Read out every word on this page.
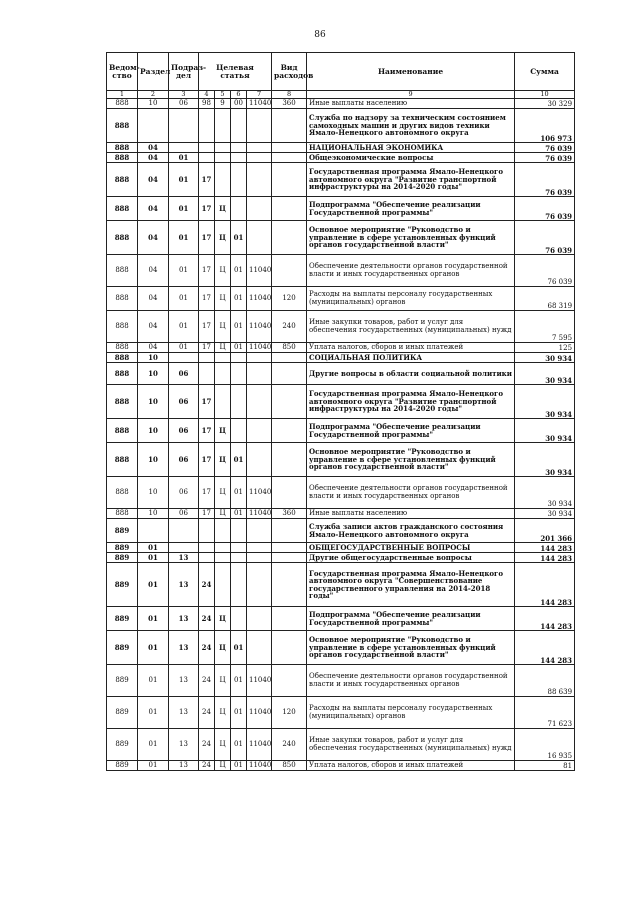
86
Ведом-ство	Раздел	Подраз-дел	Целевая статья				Вид расходов	Наименование	Сумма
1	2	3	4	5	6	7	8	9	10
888	10	06	98	9	00	11040	360	Иные выплаты населению	30 329
888								Служба по надзору за техническим состоянием самоходных машин и других видов техники Ямало-Ненецкого автономного округа	106 973
888	04							НАЦИОНАЛЬНАЯ ЭКОНОМИКА	76 039
888	04	01						Общеэкономические вопросы	76 039
888	04	01	17					Государственная программа Ямало-Ненецкого автономного округа "Развитие транспортной инфраструктуры на 2014-2020 годы"	76 039
888	04	01	17	Ц				Подпрограмма "Обеспечение реализации Государственной программы"	76 039
888	04	01	17	Ц	01			Основное мероприятие "Руководство и управление в сфере установленных функций органов государственной власти"	76 039
888	04	01	17	Ц	01	11040		Обеспечение деятельности органов государственной власти и иных государственных органов	76 039
888	04	01	17	Ц	01	11040	120	Расходы на выплаты персоналу государственных (муниципальных) органов	68 319
888	04	01	17	Ц	01	11040	240	Иные закупки товаров, работ и услуг для обеспечения государственных (муниципальных) нужд	7 595
888	04	01	17	Ц	01	11040	850	Уплата налогов, сборов и иных платежей	125
888	10							СОЦИАЛЬНАЯ ПОЛИТИКА	30 934
888	10	06						Другие вопросы в области социальной политики	30 934
888	10	06	17					Государственная программа Ямало-Ненецкого автономного округа "Развитие транспортной инфраструктуры на 2014-2020 годы"	30 934
888	10	06	17	Ц				Подпрограмма "Обеспечение реализации Государственной программы"	30 934
888	10	06	17	Ц	01			Основное мероприятие "Руководство и управление в сфере установленных функций органов государственной власти"	30 934
888	10	06	17	Ц	01	11040		Обеспечение деятельности органов государственной власти и иных государственных органов	30 934
888	10	06	17	Ц	01	11040	360	Иные выплаты населению	30 934
889								Служба записи актов гражданского состояния Ямало-Ненецкого автономного округа	201 366
889	01							ОБЩЕГОСУДАРСТВЕННЫЕ ВОПРОСЫ	144 283
889	01	13						Другие общегосударственные вопросы	144 283
889	01	13	24					Государственная программа Ямало-Ненецкого автономного округа "Совершенствование государственного управления на 2014-2018 годы"	144 283
889	01	13	24	Ц				Подпрограмма "Обеспечение реализации Государственной программы"	144 283
889	01	13	24	Ц	01			Основное мероприятие "Руководство и управление в сфере установленных функций органов государственной власти"	144 283
889	01	13	24	Ц	01	11040		Обеспечение деятельности органов государственной власти и иных государственных органов	88 639
889	01	13	24	Ц	01	11040	120	Расходы на выплаты персоналу государственных (муниципальных) органов	71 623
889	01	13	24	Ц	01	11040	240	Иные закупки товаров, работ и услуг для обеспечения государственных (муниципальных) нужд	16 935
889	01	13	24	Ц	01	11040	850	Уплата налогов, сборов и иных платежей	81
